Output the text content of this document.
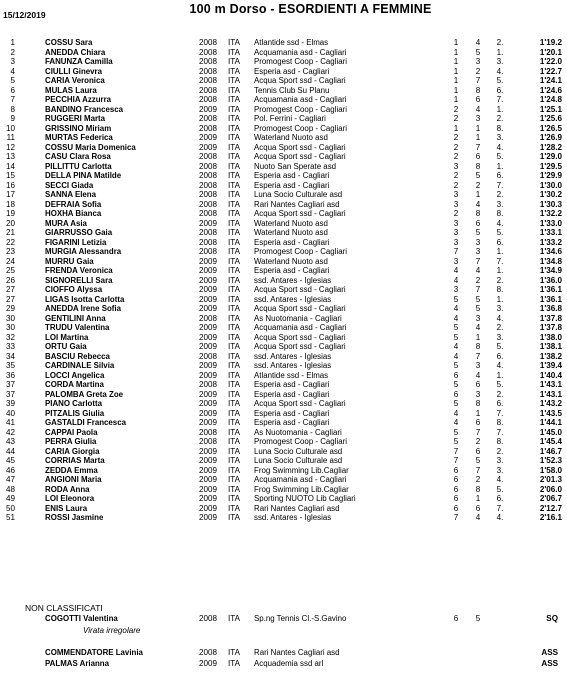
15/12/2019	100 m Dorso - ESORDIENTI A FEMMINE
1	COSSU Sara	2008 ITA Atlantide ssd - Elmas	1	4	2.	1'19.2
2	ANEDDA Chiara	2008 ITA Acquamania asd - Cagliari	1	5	1.	1'20.1
3	FANUNZA Camilla	2008 ITA Promogest Coop - Cagliari	1	3	3.	1'22.0
4	CIULLI Ginevra	2008 ITA Esperia asd - Cagliari	1	2	4.	1'22.7
5	CARIA Veronica	2008 ITA Acqua Sport ssd - Cagliari	1	7	5.	1'24.1
6	MULAS Laura	2008 ITA Tennis Club Su Planu	1	8	6.	1'24.6
7	PECCHIA Azzurra	2008 ITA Acquamania asd - Cagliari	1	6	7.	1'24.8
8	BANDINO Francesca	2009 ITA Promogest Coop - Cagliari	2	4	1.	1'25.1
9	RUGGERI Marta	2008 ITA Pol. Ferrini - Cagliari	2	3	2.	1'25.6
10	GRISSINO Miriam	2008 ITA Promogest Coop - Cagliari	1	1	8.	1'26.5
11	MURTAS Federica	2009 ITA Waterland Nuoto asd	2	1	3.	1'26.9
12	COSSU Maria Domenica	2009 ITA Acqua Sport ssd - Cagliari	2	7	4.	1'28.2
13	CASU Clara Rosa	2008 ITA Acqua Sport ssd - Cagliari	2	6	5.	1'29.0
14	PILLITTU Carlotta	2008 ITA Nuoto San Sperate asd	3	8	1.	1'29.5
15	DELLA PINA Matilde	2008 ITA Esperia asd - Cagliari	2	5	6.	1'29.9
16	SECCI Giada	2008 ITA Esperia asd - Cagliari	2	2	7.	1'30.0
17	SANNA Elena	2008 ITA Luna Socio Culturale asd	3	1	2.	1'30.2
18	DEFRAIA Sofia	2008 ITA Rari Nantes Cagliari asd	3	4	3.	1'30.3
19	HOXHA Bianca	2008 ITA Acqua Sport ssd - Cagliari	2	8	8.	1'32.2
20	MURA Asia	2009 ITA Waterland Nuoto asd	3	6	4.	1'33.0
21	GIARRUSSO Gaia	2008 ITA Waterland Nuoto asd	3	5	5.	1'33.1
22	FIGARINI Letizia	2008 ITA Esperia asd - Cagliari	3	3	6.	1'33.2
23	MURGIA Alessandra	2008 ITA Promogest Coop - Cagliari	7	3	1.	1'34.6
24	MURRU Gaia	2009 ITA Waterland Nuoto asd	3	7	7.	1'34.8
25	FRENDA Veronica	2009 ITA Esperia asd - Cagliari	4	4	1.	1'34.9
26	SIGNORELLI Sara	2009 ITA ssd. Antares - Iglesias	4	2	2.	1'36.0
27	CIOFFO Alyssa	2009 ITA Acqua Sport ssd - Cagliari	3	7	8.	1'36.1
27	LIGAS Isotta Carlotta	2009 ITA ssd. Antares - Iglesias	5	5	1.	1'36.1
29	ANEDDA Irene Sofia	2009 ITA Acqua Sport ssd - Cagliari	4	5	3.	1'36.8
30	GENTILINI Anna	2008 ITA As Nuotomania - Cagliari	4	3	4.	1'37.8
30	TRUDU Valentina	2009 ITA Acquamania asd - Cagliari	5	4	2.	1'37.8
32	LOI Martina	2009 ITA Acqua Sport ssd - Cagliari	5	1	3.	1'38.0
33	ORTU Gaia	2009 ITA Acqua Sport ssd - Cagliari	4	8	5.	1'38.1
34	BASCIU Rebecca	2008 ITA ssd. Antares - Iglesias	4	7	6.	1'38.2
35	CARDINALE Silvia	2009 ITA ssd. Antares - Iglesias	5	3	4.	1'39.4
36	LOCCI Angelica	2009 ITA Atlantide ssd - Elmas	6	4	1.	1'40.4
37	CORDA Martina	2008 ITA Esperia asd - Cagliari	5	6	5.	1'43.1
37	PALOMBA Greta Zoe	2009 ITA Esperia asd - Cagliari	6	3	2.	1'43.1
39	PIANO Carlotta	2009 ITA Acqua Sport ssd - Cagliari	5	8	6.	1'43.2
40	PITZALIS Giulia	2009 ITA Esperia asd - Cagliari	4	1	7.	1'43.5
41	GASTALDI Francesca	2009 ITA Esperia asd - Cagliari	4	6	8.	1'44.1
42	CAPPAI Paola	2008 ITA As Nuotomania - Cagliari	5	7	7.	1'45.0
43	PERRA Giulia	2008 ITA Promogest Coop - Cagliari	5	2	8.	1'45.4
44	CARIA Giorgia	2009 ITA Luna Socio Culturale asd	7	6	2.	1'46.7
45	CORRIAS Marta	2009 ITA Luna Socio Culturale asd	7	5	3.	1'52.3
46	ZEDDA Emma	2009 ITA Frog Swimming Lib.Cagliar	6	7	3.	1'58.0
47	ANGIONI Maria	2009 ITA Acquamania asd - Cagliari	6	2	4.	2'01.3
48	RODA Anna	2009 ITA Frog Swimming Lib.Cagliar	6	8	5.	2'06.0
49	LOI Eleonora	2009 ITA Sporting NUOTO Lib Cagliari	6	1	6.	2'06.7
50	ENIS Laura	2009 ITA Rari Nantes Cagliari asd	6	6	7.	2'12.7
51	ROSSI Jasmine	2009 ITA ssd. Antares - Iglesias	7	4	4.	2'16.1
NON CLASSIFICATI
COGOTTI Valentina	2008 ITA Sp.ng Tennis Cl.-S.Gavino	6	5	SQ
Virata irregolare
COMMENDATORE Lavinia	2008 ITA Rari Nantes Cagliari asd	ASS
PALMAS Arianna	2009 ITA Acquademia ssd arl	ASS
